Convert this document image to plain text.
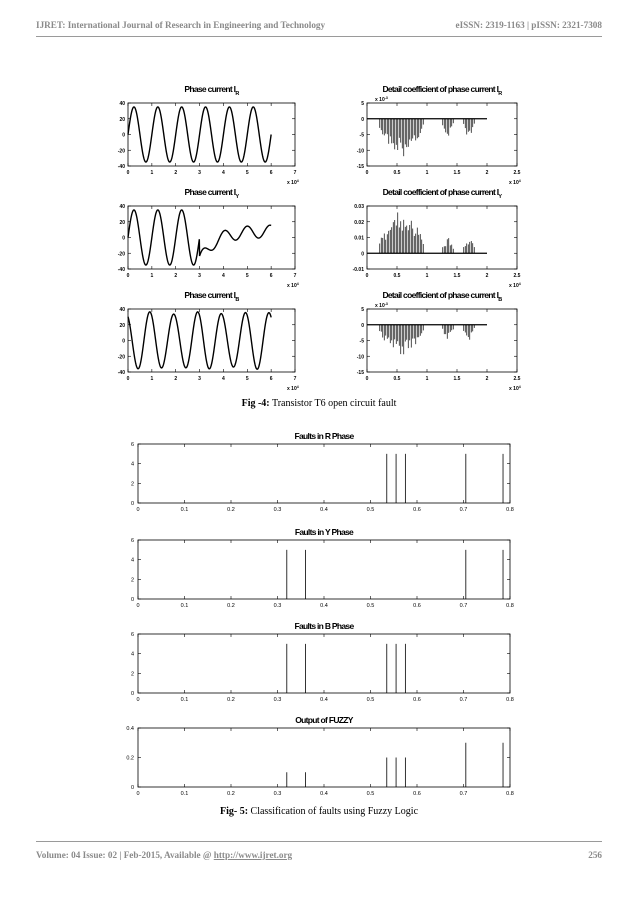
IJRET: International Journal of Research in Engineering and Technology	eISSN: 2319-1163 | pISSN: 2321-7308
Phase current $I_R$
40
20
0
-20
-40
0	1	2	3	4	5	6	7
x $10^4$
Detail coefficient of phase current $I_R$
5
0
-5
-10
-15
0	0.5	1	1.5	2	2.5
x $10^4$
x $10^{-3}$
Phase current $I_Y$
40
20
0
-20
-40
0	1	2	3	4	5	6	7
x $10^4$
Detail coefficient of phase current $I_Y$
0.03
0.02
0.01
0
-0.01
0	0.5	1	1.5	2	2.5
x $10^4$
Phase current $I_B$
40
20
0
-20
-40
0	1	2	3	4	5	6	7
x $10^4$
Detail coefficient of phase current $I_B$
5
0
-5
-10
-15
0	0.5	1	1.5	2	2.5
x $10^4$
x $10^{-3}$
Fig -4: Transistor T6 open circuit fault
Faults in R Phase
6
4
2
0
0	0.1	0.2	0.3	0.4	0.5	0.6	0.7	0.8
Faults in Y Phase
6
4
2
0
0	0.1	0.2	0.3	0.4	0.5	0.6	0.7	0.8
Faults in B Phase
6
4
2
0
0	0.1	0.2	0.3	0.4	0.5	0.6	0.7	0.8
Output of FUZZY
0.4
0.2
0
0	0.1	0.2	0.3	0.4	0.5	0.6	0.7	0.8
Fig- 5: Classification of faults using Fuzzy Logic
Volume: 04 Issue: 02 | Feb-2015, Available @ http://www.ijret.org	256
